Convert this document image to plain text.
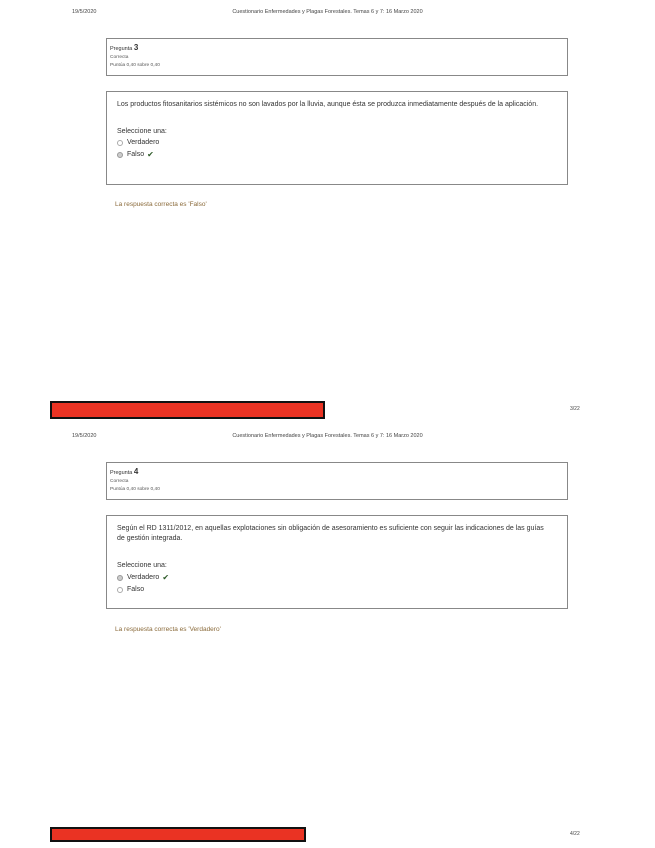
19/5/2020	Cuestionario Enfermedades y Plagas Forestales. Temas 6 y 7: 16 Marzo 2020
Pregunta 3
Correcta
Puntúa 0,40 sobre 0,40
Los productos fitosanitarios sistémicos no son lavados por la lluvia, aunque ésta se produzca inmediatamente después de la aplicación.
Seleccione una:
Verdadero
Falso ✔
La respuesta correcta es 'Falso'
3/22
19/5/2020	Cuestionario Enfermedades y Plagas Forestales. Temas 6 y 7: 16 Marzo 2020
Pregunta 4
Correcta
Puntúa 0,40 sobre 0,40
Según el RD 1311/2012, en aquellas explotaciones sin obligación de asesoramiento es suficiente con seguir las indicaciones de las guías de gestión integrada.
Seleccione una:
Verdadero ✔
Falso
La respuesta correcta es 'Verdadero'
4/22
